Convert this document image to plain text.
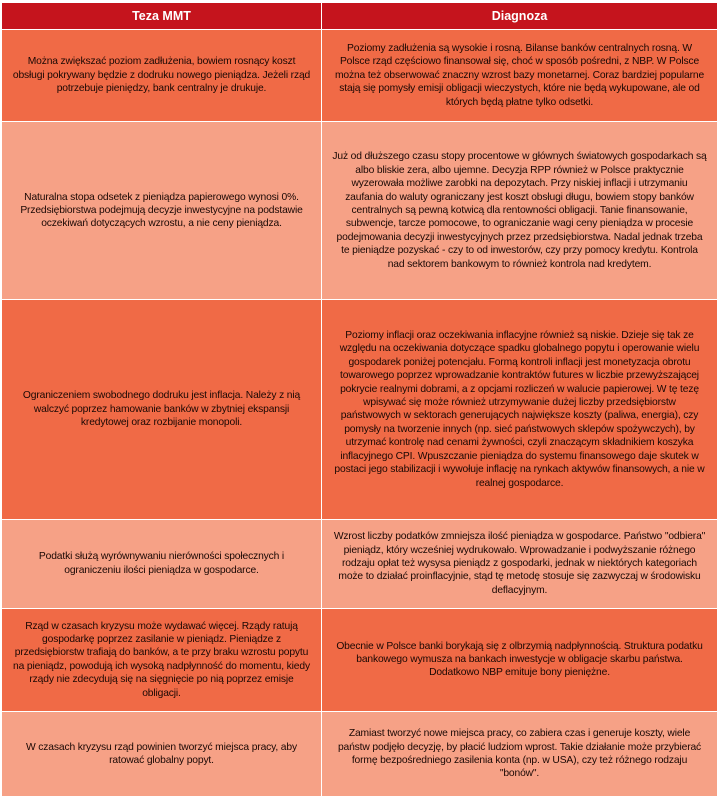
Teza MMT	Diagnoza
Można zwiększać poziom zadłużenia, bowiem rosnący koszt obsługi pokrywany będzie z dodruku nowego pieniądza. Jeżeli rząd potrzebuje pieniędzy, bank centralny je drukuje.	Poziomy zadłużenia są wysokie i rosną. Bilanse banków centralnych rosną. W Polsce rząd częściowo finansował się, choć w sposób pośredni, z NBP. W Polsce można też obserwować znaczny wzrost bazy monetarnej. Coraz bardziej popularne stają się pomysły emisji obligacji wieczystych, które nie będą wykupowane, ale od których będą płatne tylko odsetki.
Naturalna stopa odsetek z pieniądza papierowego wynosi 0%. Przedsiębiorstwa podejmują decyzje inwestycyjne na podstawie oczekiwań dotyczących wzrostu, a nie ceny pieniądza.	Już od dłuższego czasu stopy procentowe w głównych światowych gospodarkach są albo bliskie zera, albo ujemne. Decyzja RPP również w Polsce praktycznie wyzerowała możliwe zarobki na depozytach. Przy niskiej inflacji i utrzymaniu zaufania do waluty ograniczany jest koszt obsługi długu, bowiem stopy banków centralnych są pewną kotwicą dla rentowności obligacji. Tanie finansowanie, subwencje, tarcze pomocowe, to ograniczanie wagi ceny pieniądza w procesie podejmowania decyzji inwestycyjnych przez przedsiębiorstwa. Nadal jednak trzeba te pieniądze pozyskać - czy to od inwestorów, czy przy pomocy kredytu. Kontrola nad sektorem bankowym to również kontrola nad kredytem.
Ograniczeniem swobodnego dodruku jest inflacja. Należy z nią walczyć poprzez hamowanie banków w zbytniej ekspansji kredytowej oraz rozbijanie monopoli.	Poziomy inflacji oraz oczekiwania inflacyjne również są niskie. Dzieje się tak ze względu na oczekiwania dotyczące spadku globalnego popytu i operowanie wielu gospodarek poniżej potencjału. Formą kontroli inflacji jest monetyzacja obrotu towarowego poprzez wprowadzanie kontraktów futures w liczbie przewyższającej pokrycie realnymi dobrami, a z opcjami rozliczeń w walucie papierowej. W tę tezę wpisywać się może również utrzymywanie dużej liczby przedsiębiorstw państwowych w sektorach generujących największe koszty (paliwa, energia), czy pomysły na tworzenie innych (np. sieć państwowych sklepów spożywczych), by utrzymać kontrolę nad cenami żywności, czyli znaczącym składnikiem koszyka inflacyjnego CPI. Wpuszczanie pieniądza do systemu finansowego daje skutek w postaci jego stabilizacji i wywołuje inflację na rynkach aktywów finansowych, a nie w realnej gospodarce.
Podatki służą wyrównywaniu nierówności społecznych i ograniczeniu ilości pieniądza w gospodarce.	Wzrost liczby podatków zmniejsza ilość pieniądza w gospodarce. Państwo "odbiera" pieniądz, który wcześniej wydrukowało. Wprowadzanie i podwyższanie różnego rodzaju opłat też wysysa pieniądz z gospodarki, jednak w niektórych kategoriach może to działać proinflacyjnie, stąd tę metodę stosuje się zazwyczaj w środowisku deflacyjnym.
Rząd w czasach kryzysu może wydawać więcej. Rządy ratują gospodarkę poprzez zasilanie w pieniądz. Pieniądze z przedsiębiorstw trafiają do banków, a te przy braku wzrostu popytu na pieniądz, powodują ich wysoką nadpłynność do momentu, kiedy rządy nie zdecydują się na sięgnięcie po nią poprzez emisje obligacji.	Obecnie w Polsce banki borykają się z olbrzymią nadpłynnością. Struktura podatku bankowego wymusza na bankach inwestycje w obligacje skarbu państwa. Dodatkowo NBP emituje bony pieniężne.
W czasach kryzysu rząd powinien tworzyć miejsca pracy, aby ratować globalny popyt.	Zamiast tworzyć nowe miejsca pracy, co zabiera czas i generuje koszty, wiele państw podjęło decyzję, by płacić ludziom wprost. Takie działanie może przybierać formę bezpośredniego zasilenia konta (np. w USA), czy też różnego rodzaju "bonów".
